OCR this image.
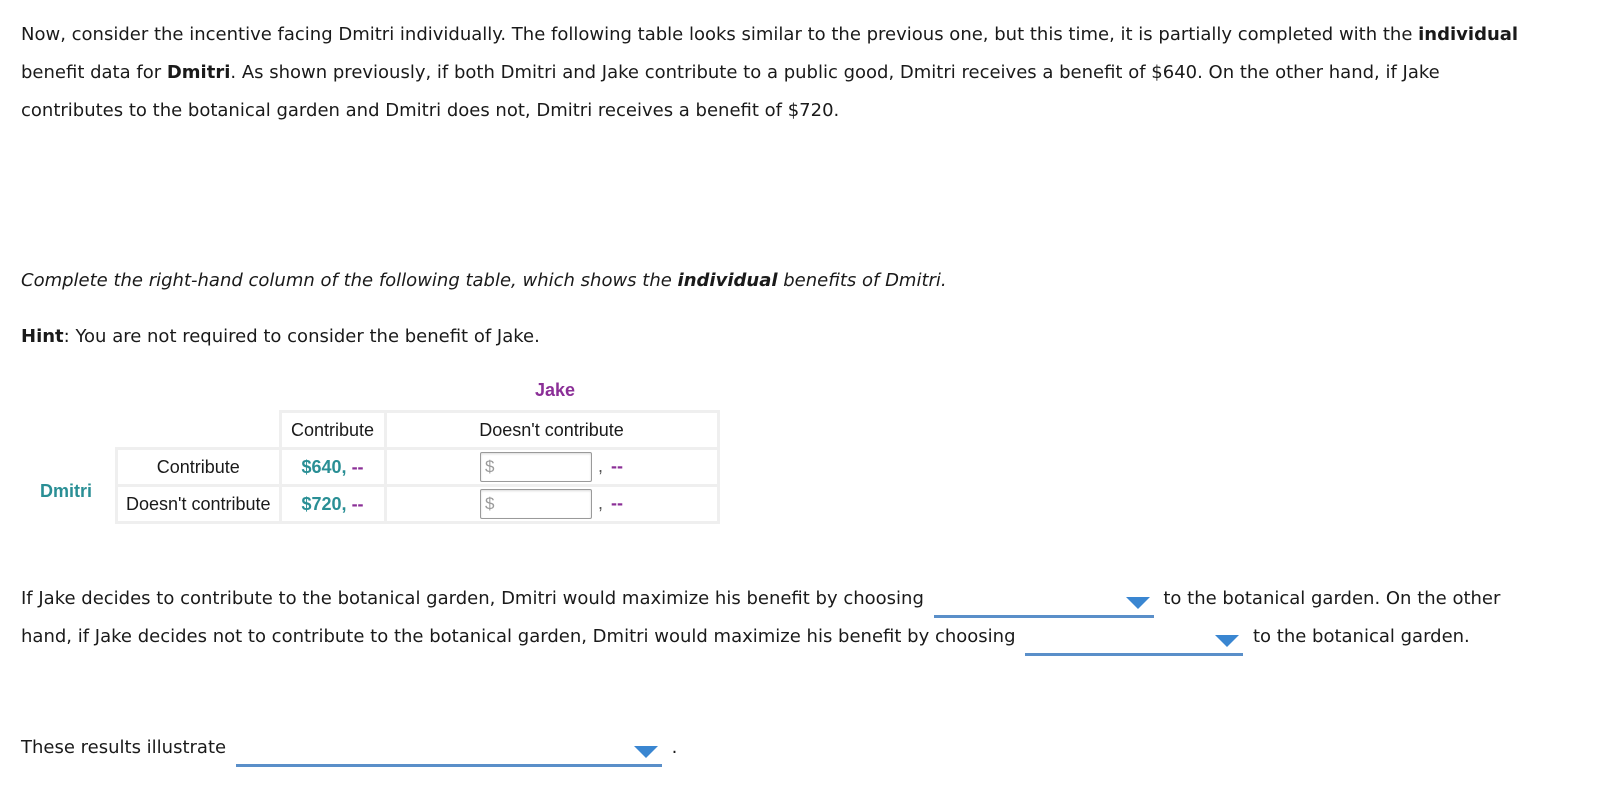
Now, consider the incentive facing Dmitri individually. The following table looks similar to the previous one, but this time, it is partially completed with the individual benefit data for Dmitri. As shown previously, if both Dmitri and Jake contribute to a public good, Dmitri receives a benefit of $640. On the other hand, if Jake contributes to the botanical garden and Dmitri does not, Dmitri receives a benefit of $720.

Complete the right-hand column of the following table, which shows the individual benefits of Dmitri.

Hint: You are not required to consider the benefit of Jake.

Jake
Dmitri
	Contribute	Doesn't contribute
Contribute	$640, --	$ , --
Doesn't contribute	$720, --	$ , --

If Jake decides to contribute to the botanical garden, Dmitri would maximize his benefit by choosing	to the botanical garden. On the other hand, if Jake decides not to contribute to the botanical garden, Dmitri would maximize his benefit by choosing	to the botanical garden.

These results illustrate	.
